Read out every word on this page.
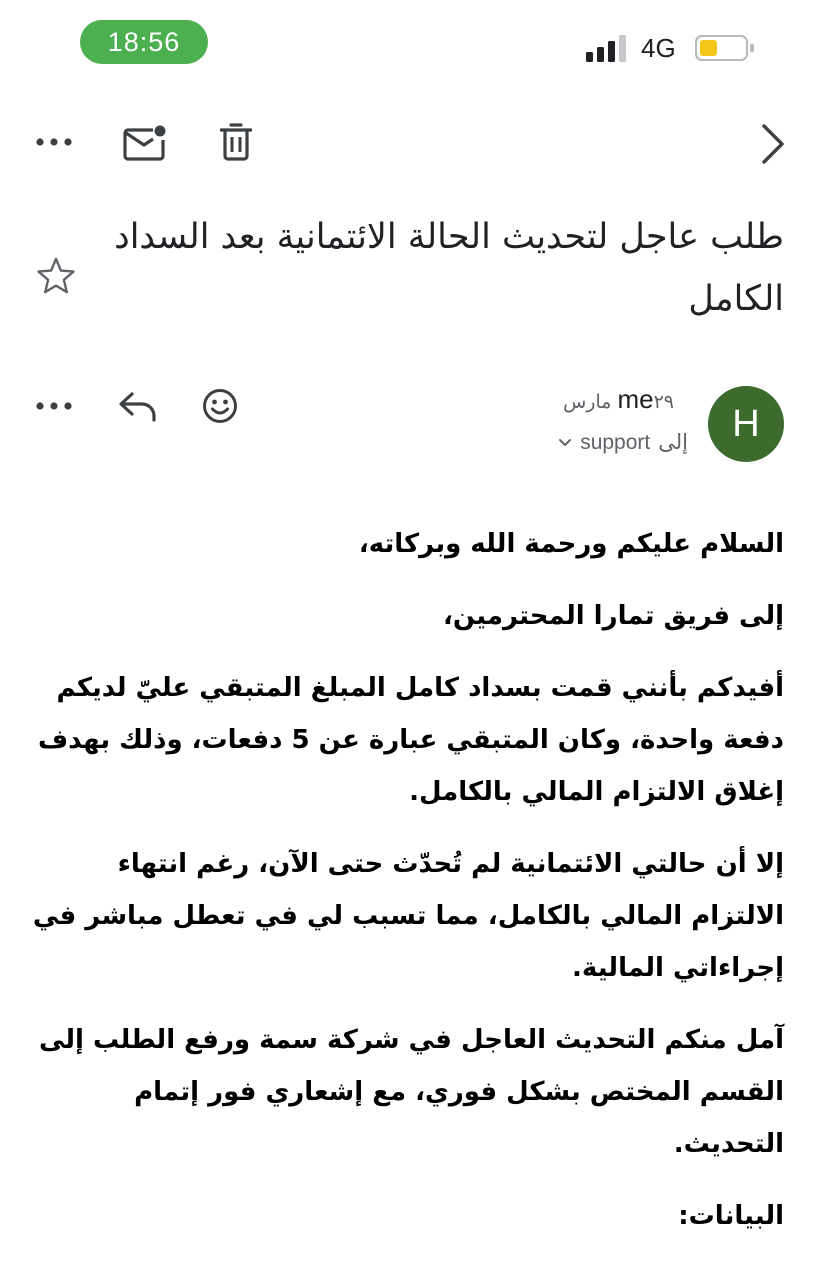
18:56	4G
طلب عاجل لتحديث الحالة الائتمانية بعد السداد الكامل
H
me٢٩ مارس
إلىsupport

السلام عليكم ورحمة الله وبركاته،

إلى فريق تمارا المحترمين،

أفيدكم بأنني قمت بسداد كامل المبلغ المتبقي عليّ لديكم دفعة واحدة، وكان المتبقي عبارة عن 5 دفعات، وذلك بهدف إغلاق الالتزام المالي بالكامل.

إلا أن حالتي الائتمانية لم تُحدّث حتى الآن، رغم انتهاء الالتزام المالي بالكامل، مما تسبب لي في تعطل مباشر في إجراءاتي المالية.

آمل منكم التحديث العاجل في شركة سمة ورفع الطلب إلى القسم المختص بشكل فوري، مع إشعاري فور إتمام التحديث.

البيانات:
